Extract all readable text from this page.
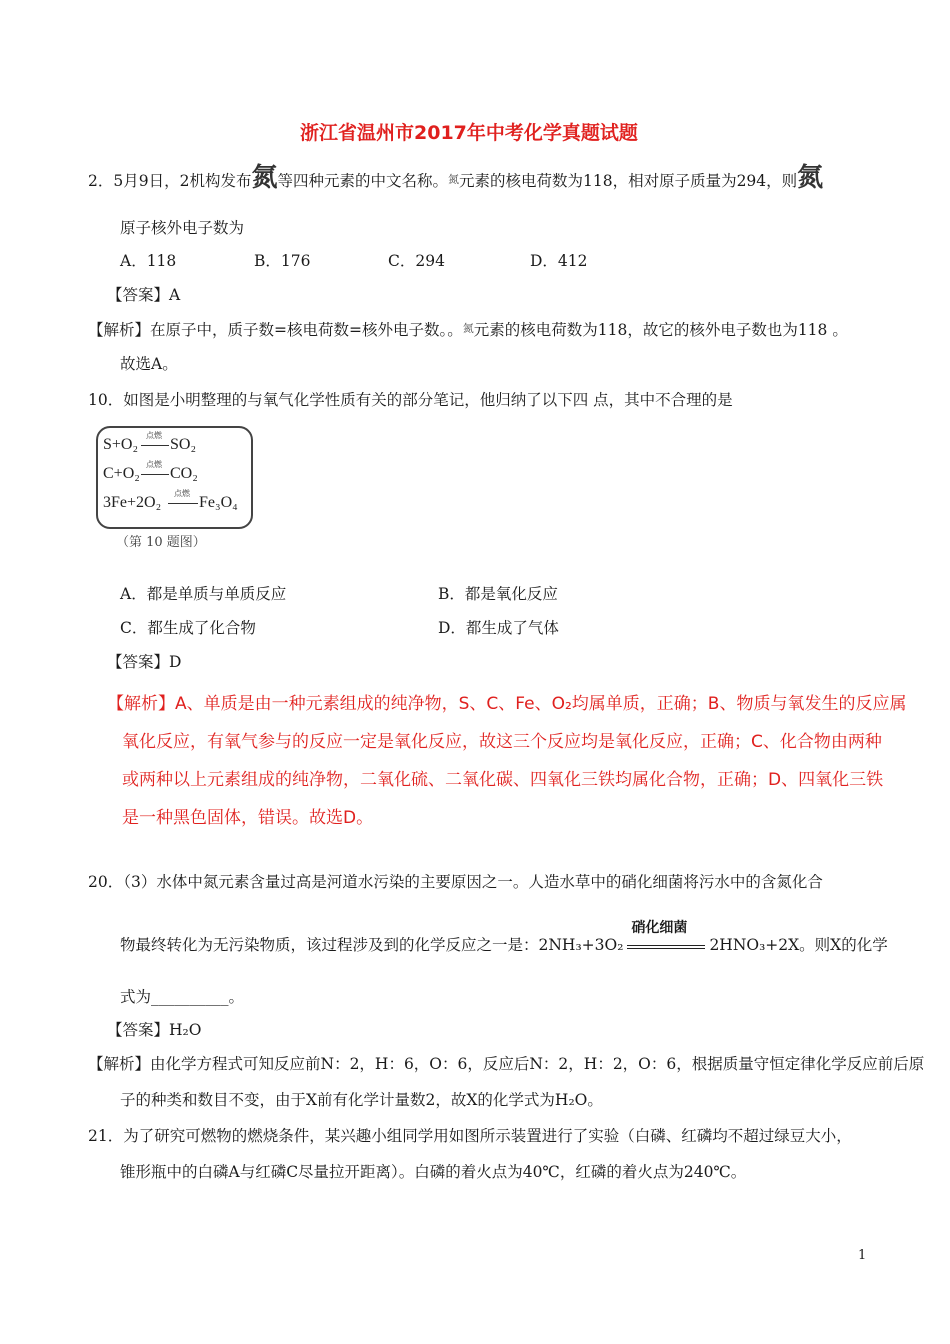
浙江省温州市2017年中考化学真题试题
2．5月9日，2机构发布氮等四种元素的中文名称。氮元素的核电荷数为118，相对原子质量为294，则氮
原子核外电子数为
A．118	B．176	C．294	D．412
【答案】A
【解析】在原子中，质子数=核电荷数=核外电子数。。氮元素的核电荷数为118，故它的核外电子数也为118 。
故选A。
10．如图是小明整理的与氧气化学性质有关的部分笔记，他归纳了以下四 点，其中不合理的是
S+O₂
点燃
SO₂
C+O₂
点燃
CO₂
3Fe+2O₂
点燃
Fe₃O₄
（第 10 题图）
A．都是单质与单质反应	B．都是氧化反应
C．都生成了化合物	D．都生成了气体
【答案】D
【解析】A、单质是由一种元素组成的纯净物，S、C、Fe、O₂均属单质，正确；B、物质与氧发生的反应属
氧化反应，有氧气参与的反应一定是氧化反应，故这三个反应均是氧化反应，正确；C、化合物由两种
或两种以上元素组成的纯净物，二氧化硫、二氧化碳、四氧化三铁均属化合物，正确；D、四氧化三铁
是一种黑色固体，错误。故选D。
20．（3）水体中氮元素含量过高是河道水污染的主要原因之一。人造水草中的硝化细菌将污水中的含氮化合
物最终转化为无污染物质，该过程涉及到的化学反应之一是：2NH₃+3O₂
硝化细菌
2HNO₃+2X。则X的化学
式为__________。
【答案】H₂O
【解析】由化学方程式可知反应前N：2，H：6，O：6，反应后N：2，H：2，O：6，根据质量守恒定律化学反应前后原
子的种类和数目不变，由于X前有化学计量数2，故X的化学式为H₂O。
21．为了研究可燃物的燃烧条件，某兴趣小组同学用如图所示装置进行了实验（白磷、红磷均不超过绿豆大小，
锥形瓶中的白磷A与红磷C尽量拉开距离）。白磷的着火点为40℃，红磷的着火点为240℃。
1
